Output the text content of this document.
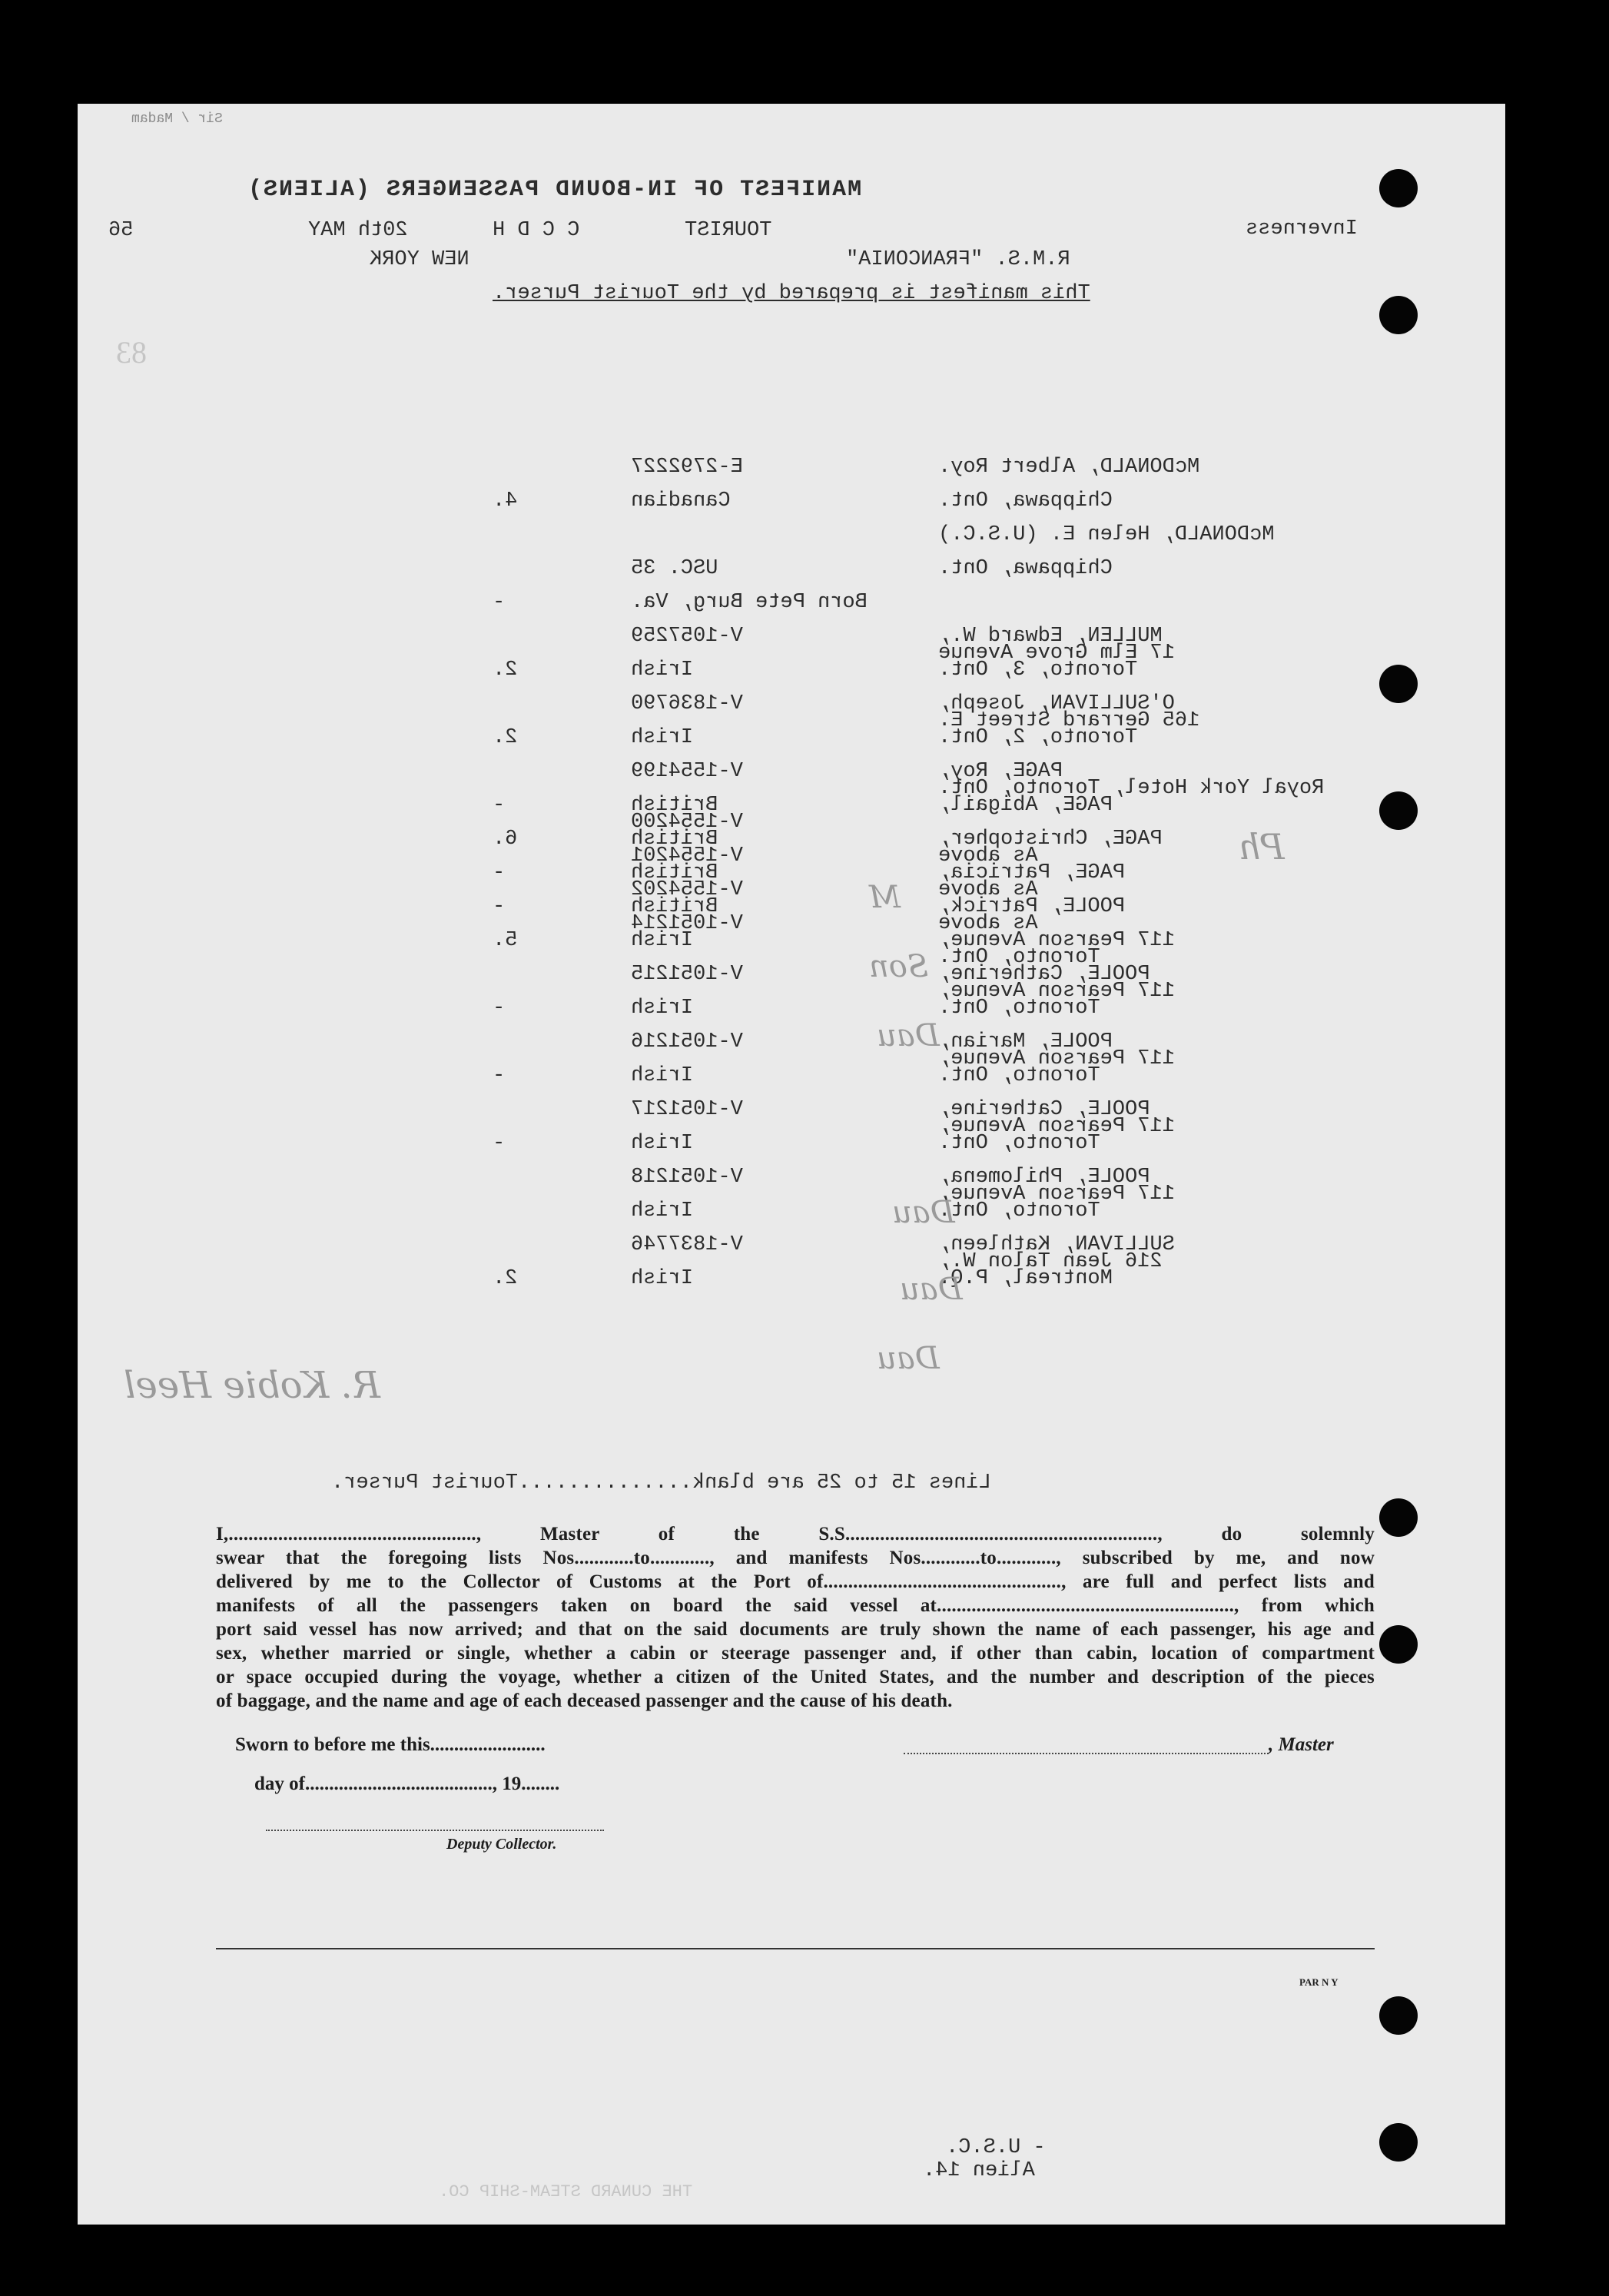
Sir / Madam
MANIFEST OF IN-BOUND PASSENGERS (ALIENS)
TOURIST
C C D H
20th MAY
56	Inverness
R.M.S. "FRANCONIA"
NEW YORK
This manifest is prepared by the Tourist Purser.
83
McDONALD, Albert Roy.
E-2792227
Chippawa, Ont.
Canadian
4.
McDONALD, Helen E. (U.S.C.)
Chippawa, Ont.
USC. 35
Born Pete Burg, Va.
-
MULLEN, Edward W.,
17 Elm Grove Avenue
V-1057259
Toronto, 3, Ont.
Irish
2.
O'SULLIVAN, Joseph,
165 Gerrard Street E.
V-1836790
Toronto, 2, Ont.
Irish
2.
PAGE, Roy,
Royal York Hotel, Toronto, Ont.
V-1554199
PAGE, Abigail,
British
V-1554200
-
PAGE, Christopher,
As above
British
V-1554201
6.
PAGE, Patricia,
As above
British
V-1554202
-
POOLE, Patrick,
As above
British
V-1051214
-
117 Pearson Avenue,
Toronto, Ont.
Irish
5.
POOLE, Catherine,
117 Pearson Avenue,
V-1051215
Toronto, Ont.
Irish
-
POOLE, Marian,
117 Pearson Avenue,
V-1051216
Toronto, Ont.
Irish
-
POOLE, Catherine,
117 Pearson Avenue,
V-1051217
Toronto, Ont.
Irish
-
POOLE, Philomena,
117 Pearson Avenue,
V-1051218
Toronto, Ont.
Irish
SULLIVAN, Kathleen,
216 Jean Talon W.,
V-1837746
Montreal, P.Q.
Irish
2.
Lines 15 to 25 are blank..............Tourist Purser.
Ph
M
Son
Dau
Dau
Dau
Dau
R. Kobie Heel
I,.................................................., Master of the S.S..............................................................., do solemnly
swear that the foregoing lists Nos............to............, and manifests Nos............to............, subscribed by me, and now
delivered by me to the Collector of Customs at the Port of................................................, are full and perfect lists and
manifests of all the passengers taken on board the said vessel at............................................................, from which
port said vessel has now arrived; and that on the said documents are truly shown the name of each passenger, his age and
sex, whether married or single, whether a cabin or steerage passenger and, if other than cabin, location of compartment
or space occupied during the voyage, whether a citizen of the United States, and the number and description of the pieces
of baggage, and the name and age of each deceased passenger and the cause of his death.
Sworn to before me this........................	, Master
day of......................................., 19........
Deputy Collector.
PAR N Y
- U.S.C.
Alien 14.
THE CUNARD STEAM-SHIP CO.
